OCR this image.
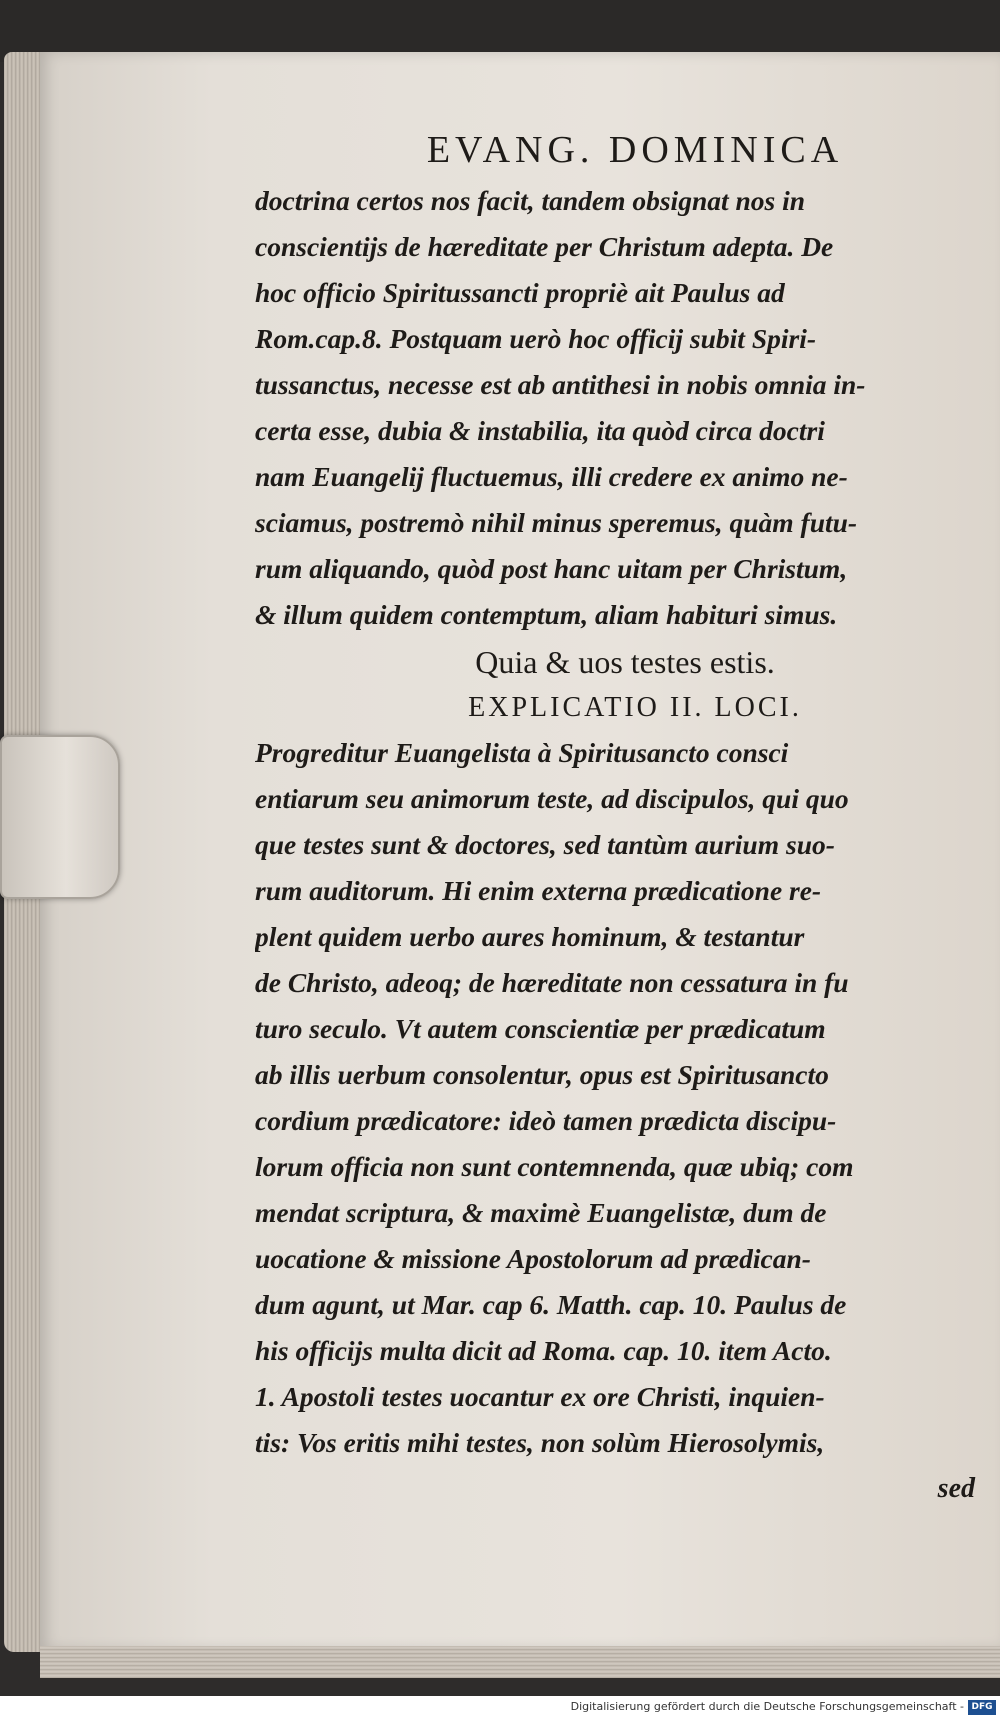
EVANG. DOMINICA
doctrina certos nos facit, tandem obsignat nos in
conscientijs de hæreditate per Christum adepta. De
hoc officio Spiritussancti propriè ait Paulus ad
Rom.cap.8. Postquam uerò hoc officij subit Spiri-
tussanctus, necesse est ab antithesi in nobis omnia in-
certa esse, dubia & instabilia, ita quòd circa doctri
nam Euangelij fluctuemus, illi credere ex animo ne-
sciamus, postremò nihil minus speremus, quàm futu-
rum aliquando, quòd post hanc uitam per Christum,
& illum quidem contemptum, aliam habituri simus.
Quia & uos testes estis.
EXPLICATIO II. LOCI.
Progreditur Euangelista à Spiritusancto consci
entiarum seu animorum teste, ad discipulos, qui quo
que testes sunt & doctores, sed tantùm aurium suo-
rum auditorum. Hi enim externa prædicatione re-
plent quidem uerbo aures hominum, & testantur
de Christo, adeoq; de hæreditate non cessatura in fu
turo seculo. Vt autem conscientiæ per prædicatum
ab illis uerbum consolentur, opus est Spiritusancto
cordium prædicatore: ideò tamen prædicta discipu-
lorum officia non sunt contemnenda, quæ ubiq; com
mendat scriptura, & maximè Euangelistæ, dum de
uocatione & missione Apostolorum ad prædican-
dum agunt, ut Mar. cap 6. Matth. cap. 10. Paulus de
his officijs multa dicit ad Roma. cap. 10. item Acto.
1. Apostoli testes uocantur ex ore Christi, inquien-
tis: Vos eritis mihi testes, non solùm Hierosolymis,
sed
Digitalisierung gefördert durch die Deutsche Forschungsgemeinschaft - DFG
